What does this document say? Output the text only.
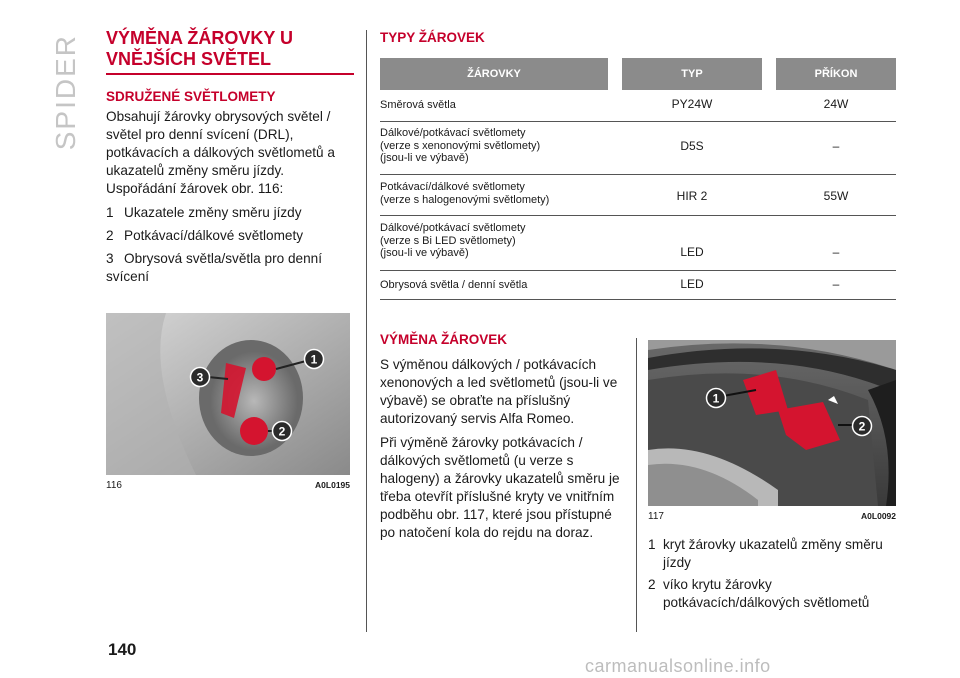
SPIDER VÝMĚNA ŽÁROVKY U
VNĚJŠÍCH SVĚTEL
SDRUŽENÉ SVĚTLOMETY
Obsahují žárovky obrysových světel / světel pro denní svícení (DRL), potkávacích a dálkových světlometů a ukazatelů změny směru jízdy. Uspořádání žárovek obr. 116:
1 Ukazatele změny směru jízdy
2 Potkávací/dálkové světlomety
3 Obrysová světla/světla pro denní svícení
1
2
3
116	A0L0195
TYPY ŽÁROVEK
ŽÁROVKY	TYP	PŘÍKON
Směrová světla	PY24W	24W
Dálkové/potkávací světlomety
(verze s xenonovými světlomety)
(jsou-li ve výbavě)
D5S	–
Potkávací/dálkové světlomety
(verze s halogenovými světlomety)	HIR 2	55W
Dálkové/potkávací světlomety
(verze s Bi LED světlomety)
(jsou-li ve výbavě)	LED	–
Obrysová světla / denní světla	LED	–
VÝMĚNA ŽÁROVEK

S výměnou dálkových / potkávacích xenonových a led světlometů (jsou-li ve výbavě) se obraťte na příslušný autorizovaný servis Alfa Romeo.

Při výměně žárovky potkávacích / dálkových světlometů (u verze s halogeny) a žárovky ukazatelů směru je třeba otevřít příslušné kryty ve vnitřním podběhu obr. 117, které jsou přístupné po natočení kola do rejdu na doraz.

1
2
117	A0L0092
1 kryt žárovky ukazatelů změny směru jízdy
2 víko krytu žárovky potkávacích/dálkových světlometů
140
carmanualsonline.info
